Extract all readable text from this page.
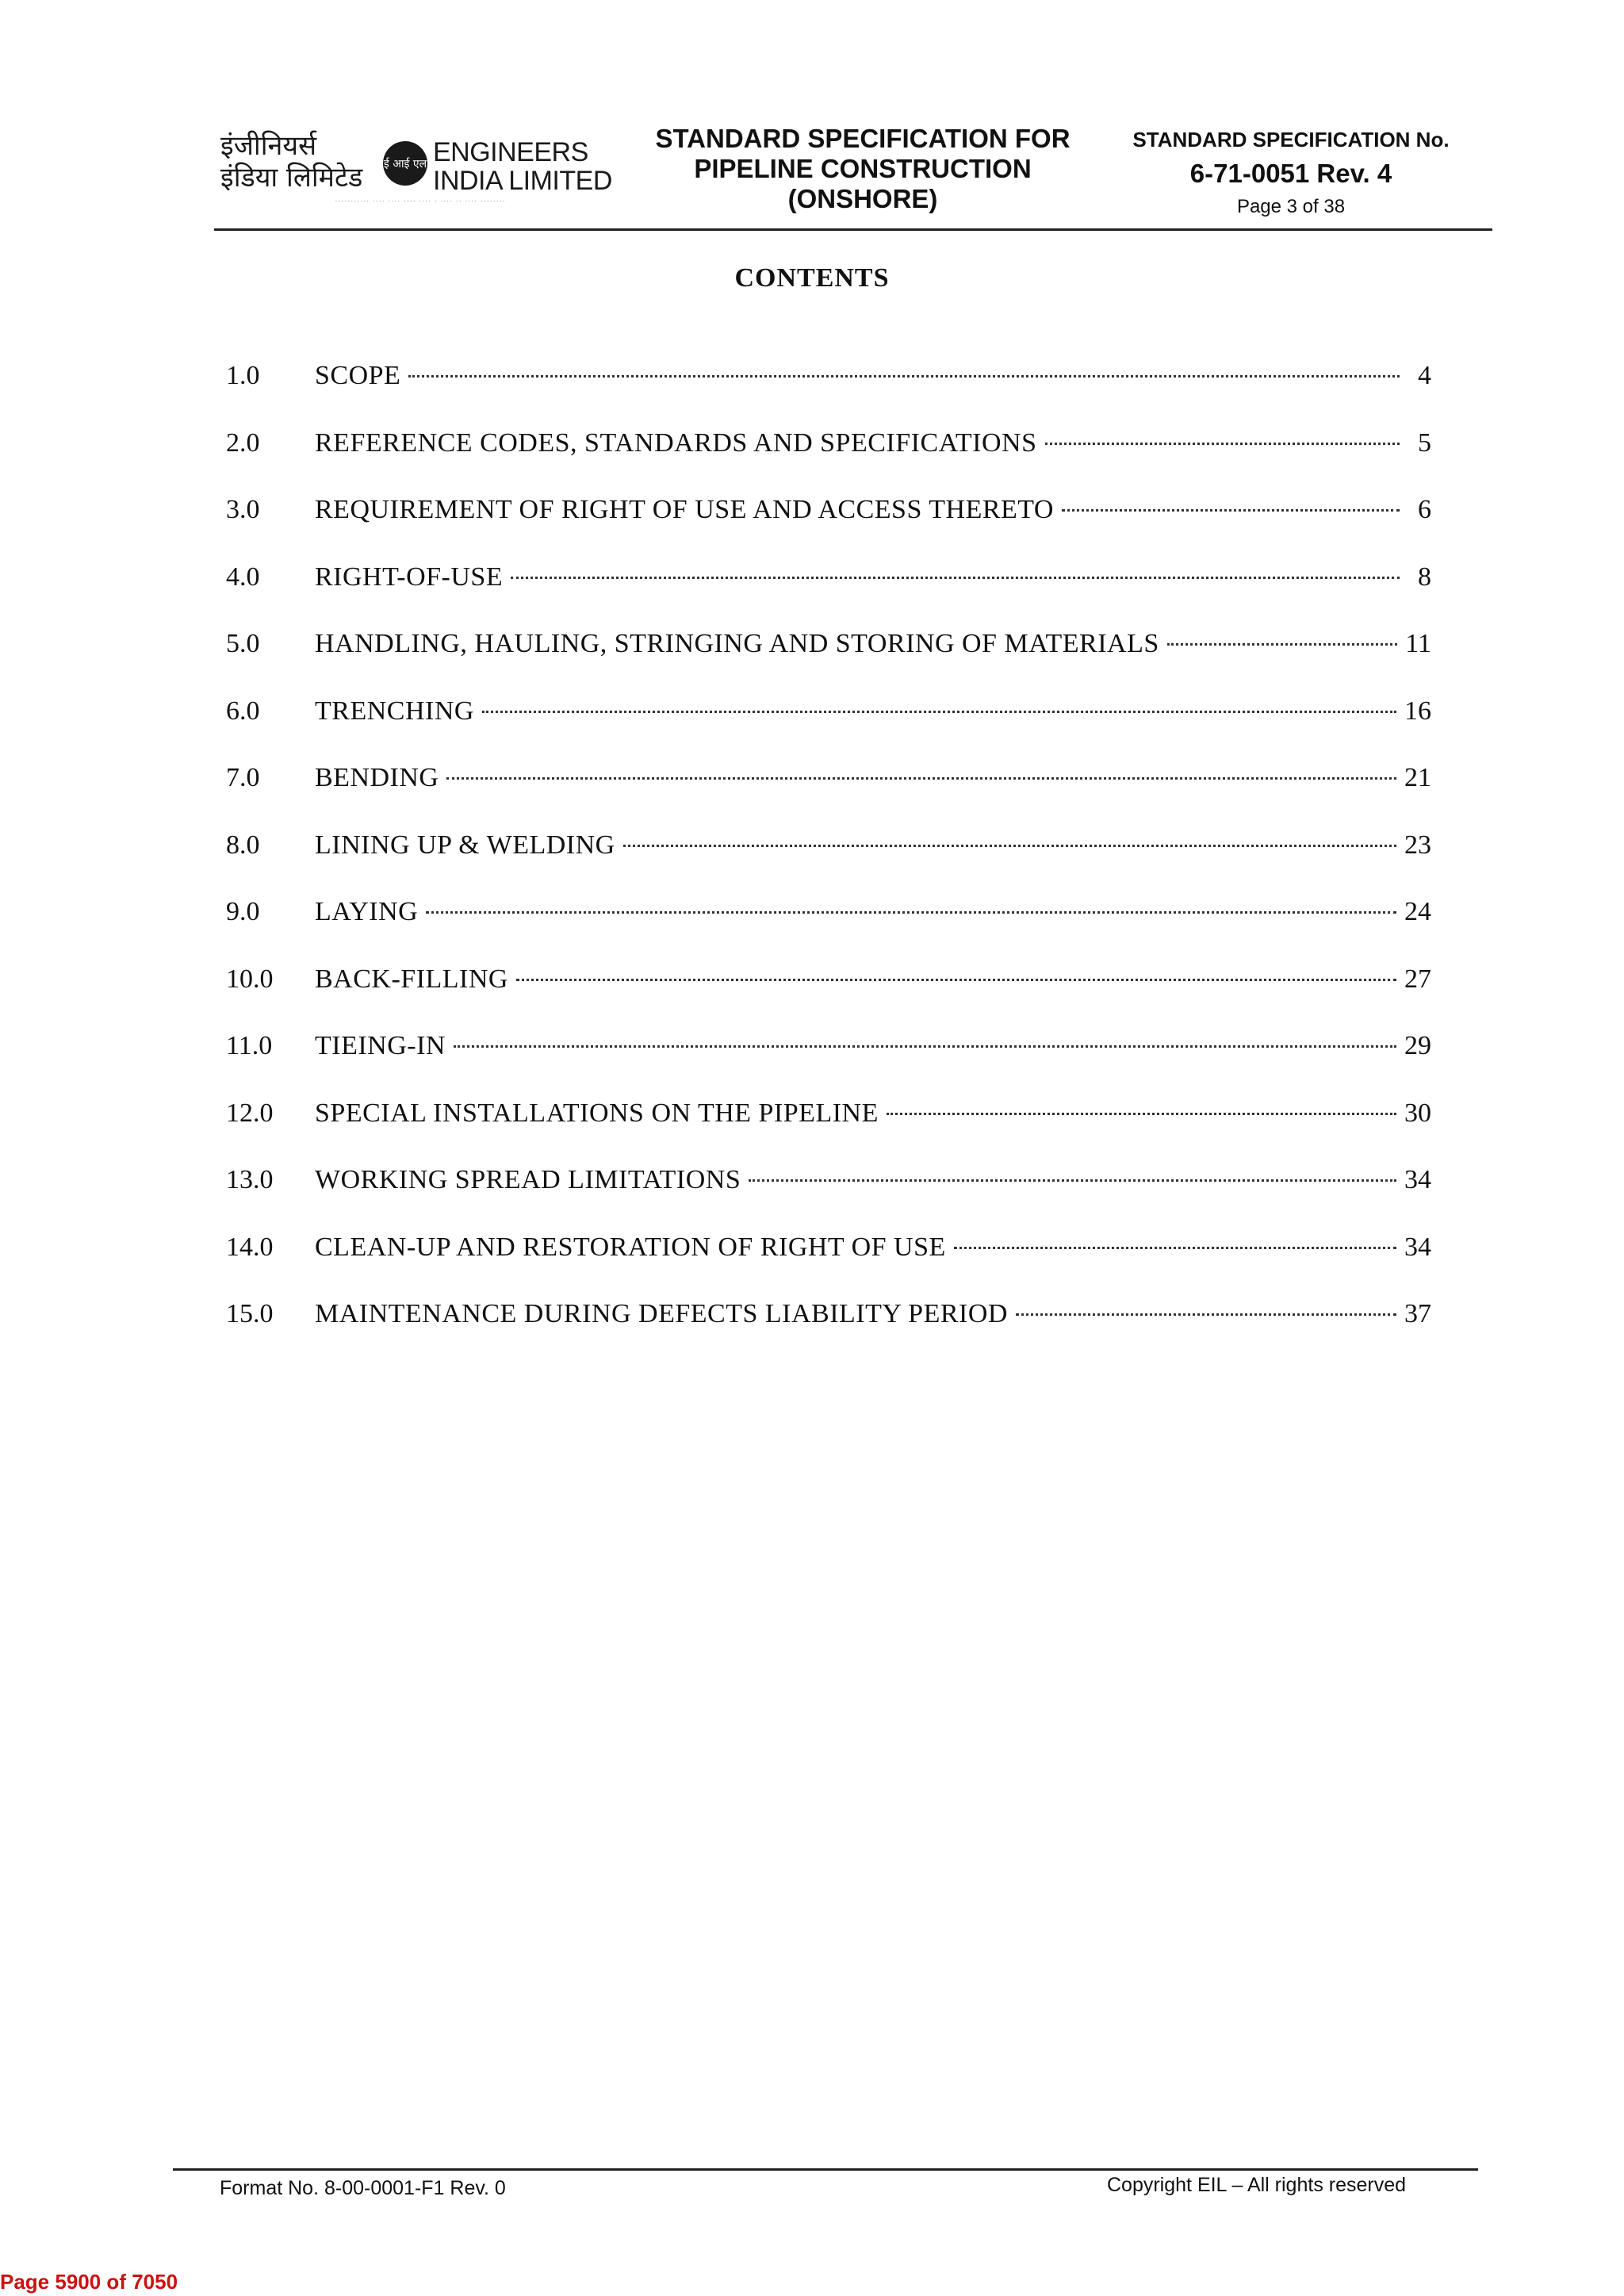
इंजीनियर्स
इंडिया लिमिटेड ई आई एल ENGINEERS
INDIA LIMITED
··········· ···· ···· ···· ···· · ···· ·· ···· ········
STANDARD SPECIFICATION FOR
PIPELINE CONSTRUCTION
(ONSHORE)
STANDARD SPECIFICATION No.
6-71-0051 Rev. 4
Page 3 of 38
CONTENTS
1.0	SCOPE	4
2.0	REFERENCE CODES, STANDARDS AND SPECIFICATIONS	5
3.0	REQUIREMENT OF RIGHT OF USE AND ACCESS THERETO	6
4.0	RIGHT-OF-USE	8
5.0	HANDLING, HAULING, STRINGING AND STORING OF MATERIALS	11
6.0	TRENCHING	16
7.0	BENDING	21
8.0	LINING UP & WELDING	23
9.0	LAYING	24
10.0	BACK-FILLING	27
11.0	TIEING-IN	29
12.0	SPECIAL INSTALLATIONS ON THE PIPELINE	30
13.0	WORKING SPREAD LIMITATIONS	34
14.0	CLEAN-UP AND RESTORATION OF RIGHT OF USE	34
15.0	MAINTENANCE DURING DEFECTS LIABILITY PERIOD	37
Format No. 8-00-0001-F1 Rev. 0	Copyright EIL – All rights reserved
Page 5900 of 7050
